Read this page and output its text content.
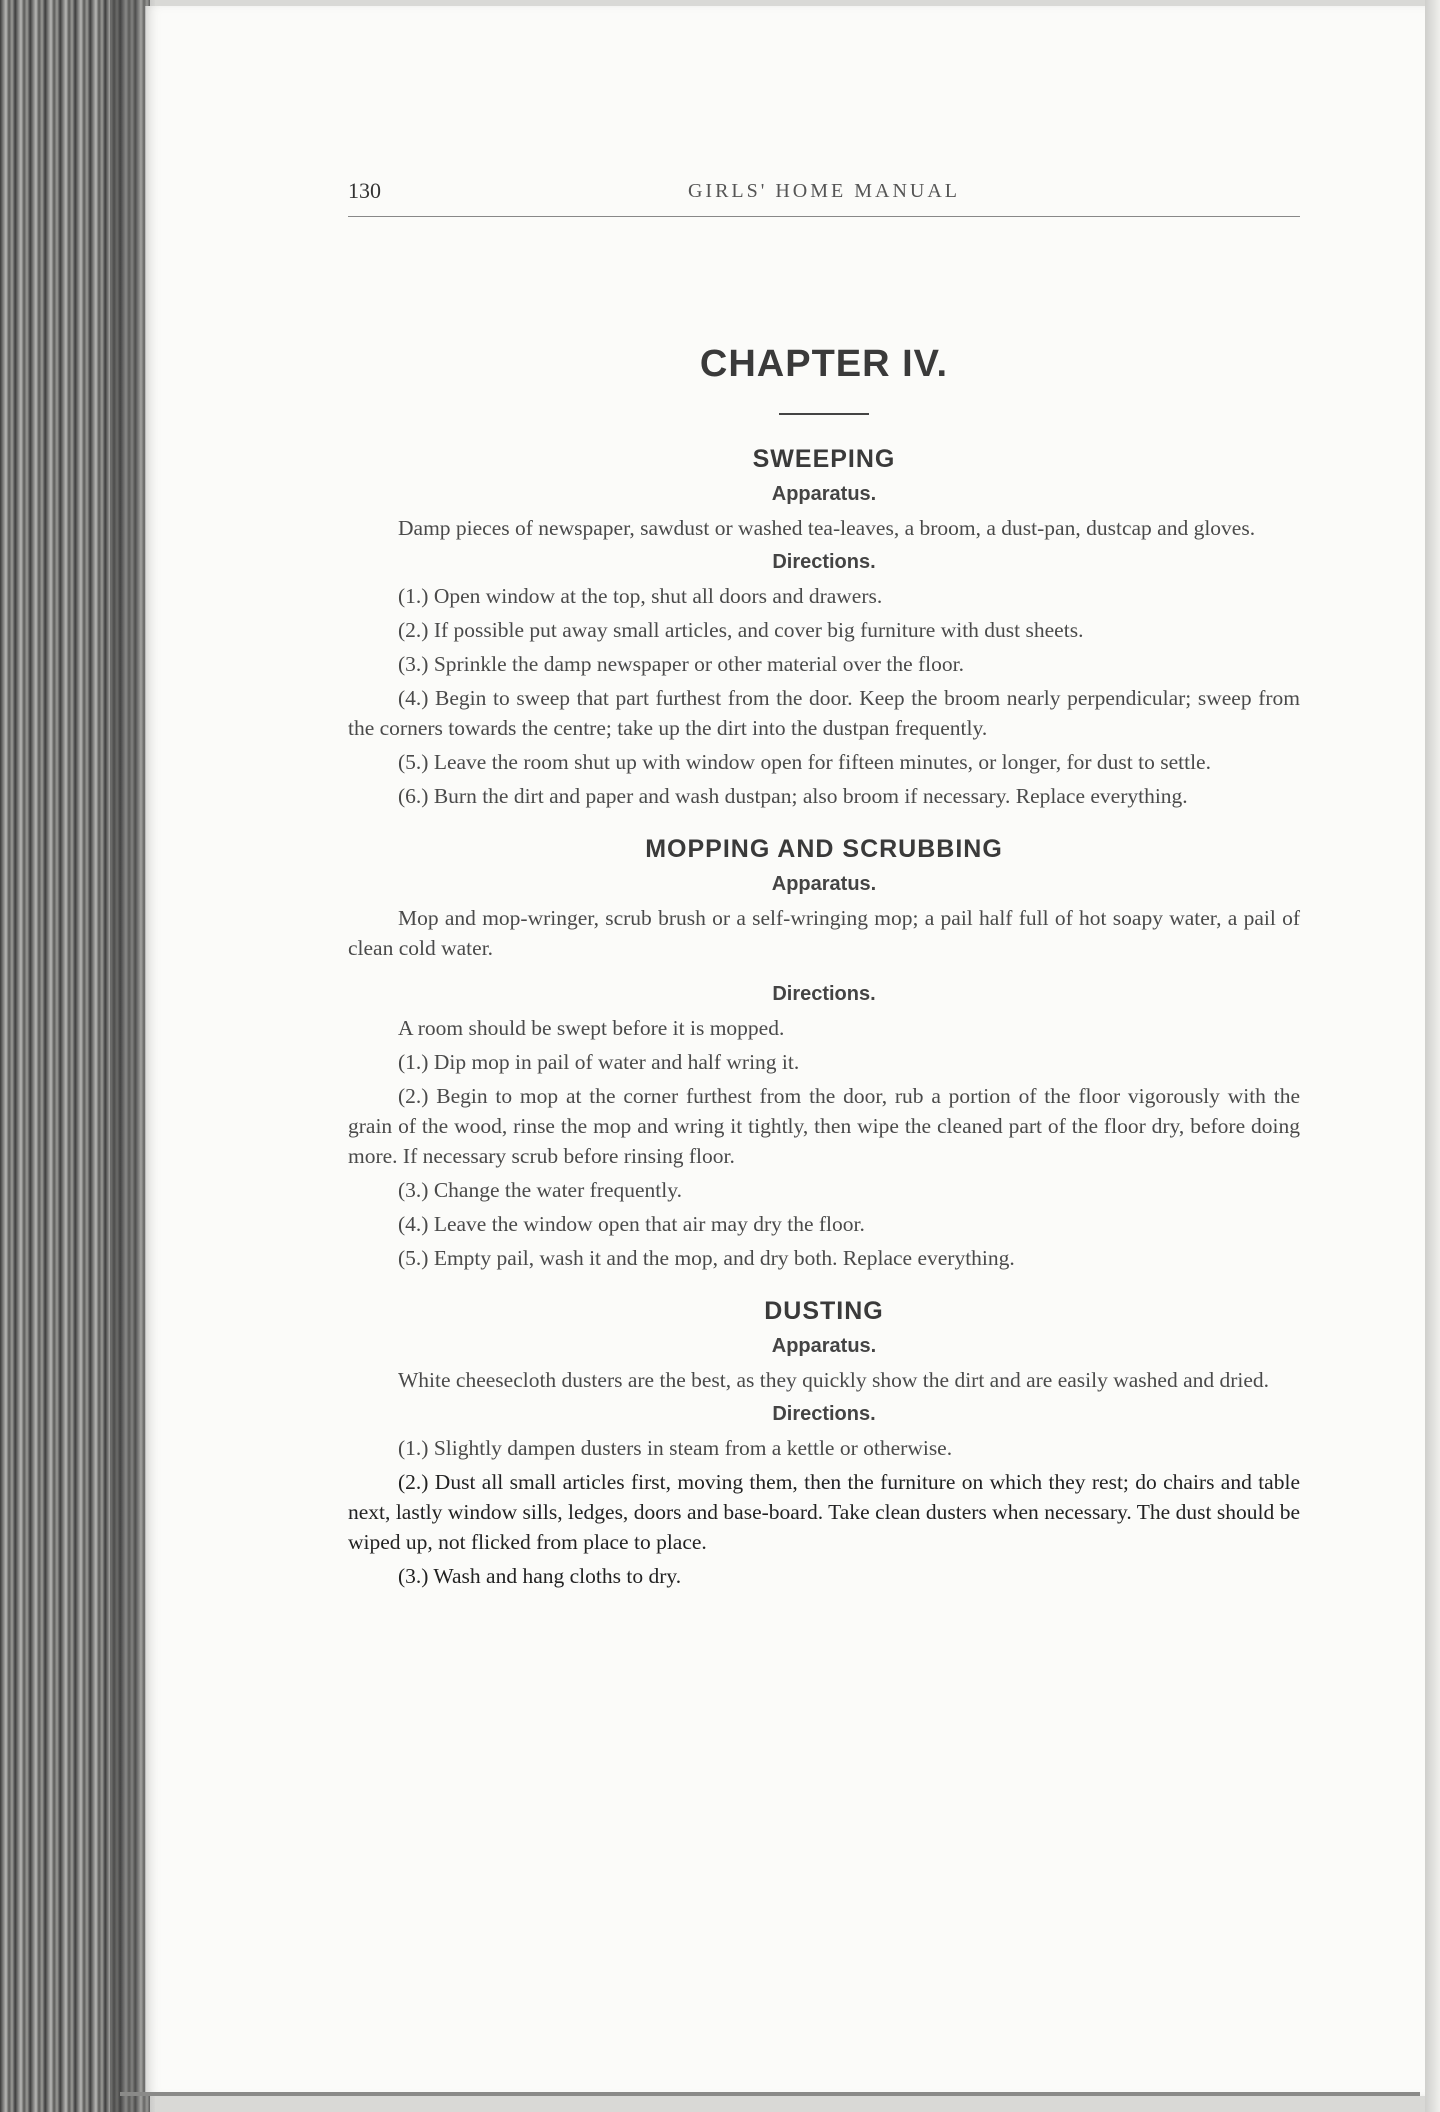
130	GIRLS' HOME MANUAL
CHAPTER IV.
SWEEPING
Apparatus.

Damp pieces of newspaper, sawdust or washed tea-leaves, a broom, a dust-pan, dustcap and gloves.

Directions.

(1.) Open window at the top, shut all doors and drawers.

(2.) If possible put away small articles, and cover big furniture with dust sheets.

(3.) Sprinkle the damp newspaper or other material over the floor.

(4.) Begin to sweep that part furthest from the door. Keep the broom nearly perpendicular; sweep from the corners towards the centre; take up the dirt into the dustpan frequently.

(5.) Leave the room shut up with window open for fifteen minutes, or longer, for dust to settle.

(6.) Burn the dirt and paper and wash dustpan; also broom if necessary. Replace everything.

MOPPING AND SCRUBBING
Apparatus.

Mop and mop-wringer, scrub brush or a self-wringing mop; a pail half full of hot soapy water, a pail of clean cold water.

Directions.

A room should be swept before it is mopped.

(1.) Dip mop in pail of water and half wring it.

(2.) Begin to mop at the corner furthest from the door, rub a portion of the floor vigorously with the grain of the wood, rinse the mop and wring it tightly, then wipe the cleaned part of the floor dry, before doing more. If necessary scrub before rinsing floor.

(3.) Change the water frequently.

(4.) Leave the window open that air may dry the floor.

(5.) Empty pail, wash it and the mop, and dry both. Replace everything.

DUSTING
Apparatus.

White cheesecloth dusters are the best, as they quickly show the dirt and are easily washed and dried.

Directions.

(1.) Slightly dampen dusters in steam from a kettle or otherwise.

(2.) Dust all small articles first, moving them, then the furniture on which they rest; do chairs and table next, lastly window sills, ledges, doors and base-board. Take clean dusters when necessary. The dust should be wiped up, not flicked from place to place.

(3.) Wash and hang cloths to dry.
